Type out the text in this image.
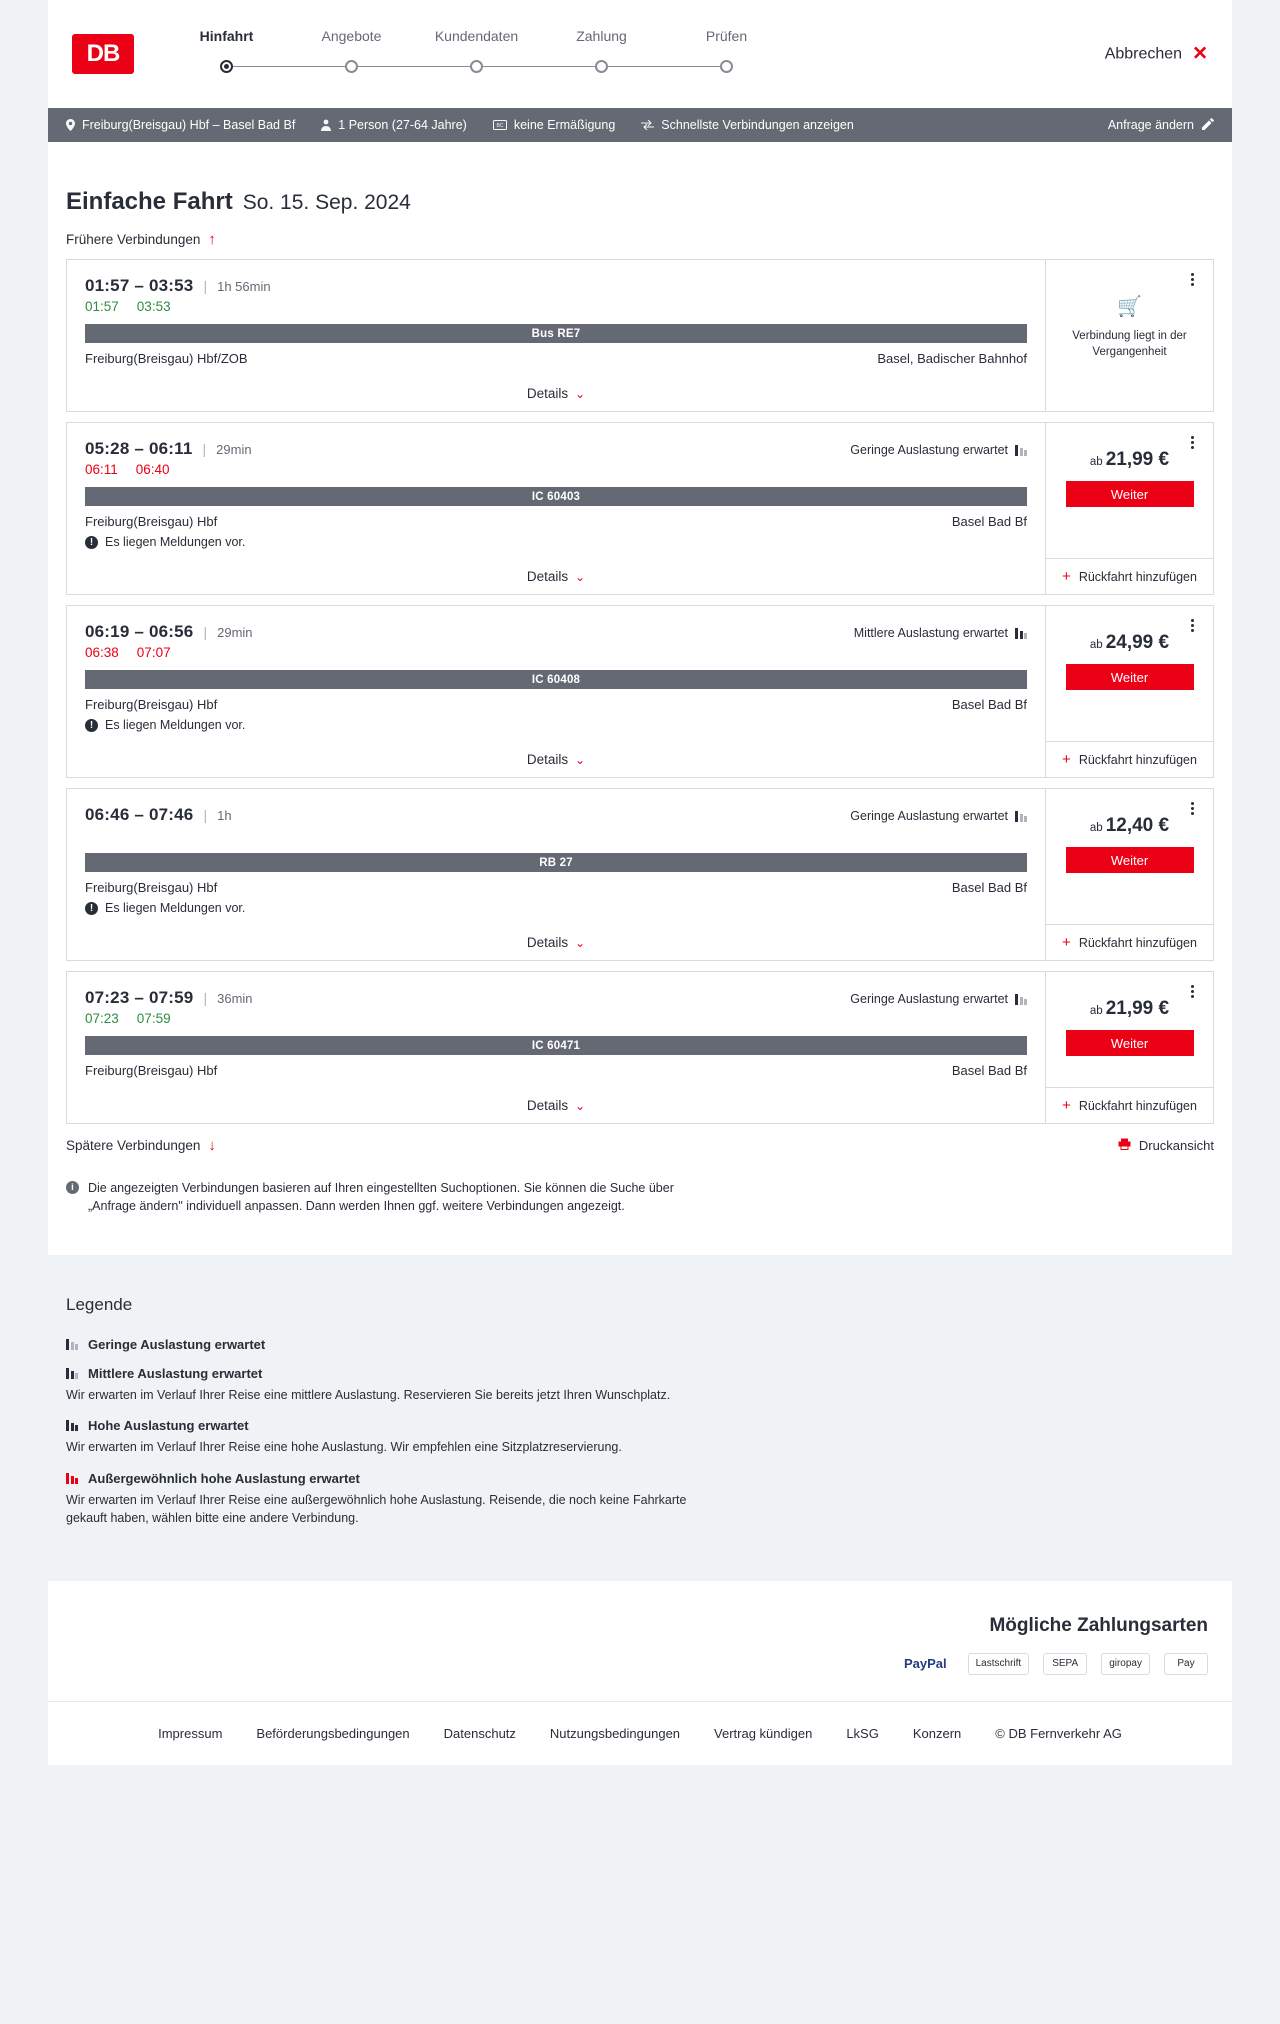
DB
Hinfahrt	Angebote	Kundendaten	Zahlung	Prüfen
Abbrechen ✕
Freiburg(Breisgau) Hbf – Basel Bad Bf	1 Person (27-64 Jahre)	BC keine Ermäßigung	Schnellste Verbindungen anzeigen	Anfrage ändern
Einfache Fahrt So. 15. Sep. 2024
Frühere Verbindungen ↑
01:57 – 03:53 | 1h 56min
01:57 03:53
Bus RE7
Freiburg(Breisgau) Hbf/ZOB	Basel, Badischer Bahnhof
Details ⌄
🛒
Verbindung liegt in der Vergangenheit
05:28 – 06:11 | 29min	Geringe Auslastung erwartet
06:11 06:40
IC 60403
Freiburg(Breisgau) Hbf	Basel Bad Bf
! Es liegen Meldungen vor.
Details ⌄
ab 21,99 €
Weiter
+ Rückfahrt hinzufügen
06:19 – 06:56 | 29min	Mittlere Auslastung erwartet
06:38 07:07
IC 60408
Freiburg(Breisgau) Hbf	Basel Bad Bf
! Es liegen Meldungen vor.
Details ⌄
ab 24,99 €
Weiter
+ Rückfahrt hinzufügen
06:46 – 07:46 | 1h	Geringe Auslastung erwartet
RB 27
Freiburg(Breisgau) Hbf	Basel Bad Bf
! Es liegen Meldungen vor.
Details ⌄
ab 12,40 €
Weiter
+ Rückfahrt hinzufügen
07:23 – 07:59 | 36min	Geringe Auslastung erwartet
07:23 07:59
IC 60471
Freiburg(Breisgau) Hbf	Basel Bad Bf
Details ⌄
ab 21,99 €
Weiter
+ Rückfahrt hinzufügen
Spätere Verbindungen ↓	Druckansicht
i	Die angezeigten Verbindungen basieren auf Ihren eingestellten Suchoptionen. Sie können die Suche über „Anfrage ändern" individuell anpassen. Dann werden Ihnen ggf. weitere Verbindungen angezeigt.
Legende
Geringe Auslastung erwartet
Mittlere Auslastung erwartet
Wir erwarten im Verlauf Ihrer Reise eine mittlere Auslastung. Reservieren Sie bereits jetzt Ihren Wunschplatz.
Hohe Auslastung erwartet
Wir erwarten im Verlauf Ihrer Reise eine hohe Auslastung. Wir empfehlen eine Sitzplatzreservierung.
Außergewöhnlich hohe Auslastung erwartet
Wir erwarten im Verlauf Ihrer Reise eine außergewöhnlich hohe Auslastung. Reisende, die noch keine Fahrkarte gekauft haben, wählen bitte eine andere Verbindung.
Mögliche Zahlungsarten
PayPal	Lastschrift	SEPA	giropay	Pay
Impressum	Beförderungsbedingungen	Datenschutz	Nutzungsbedingungen	Vertrag kündigen	LkSG	Konzern	© DB Fernverkehr AG
